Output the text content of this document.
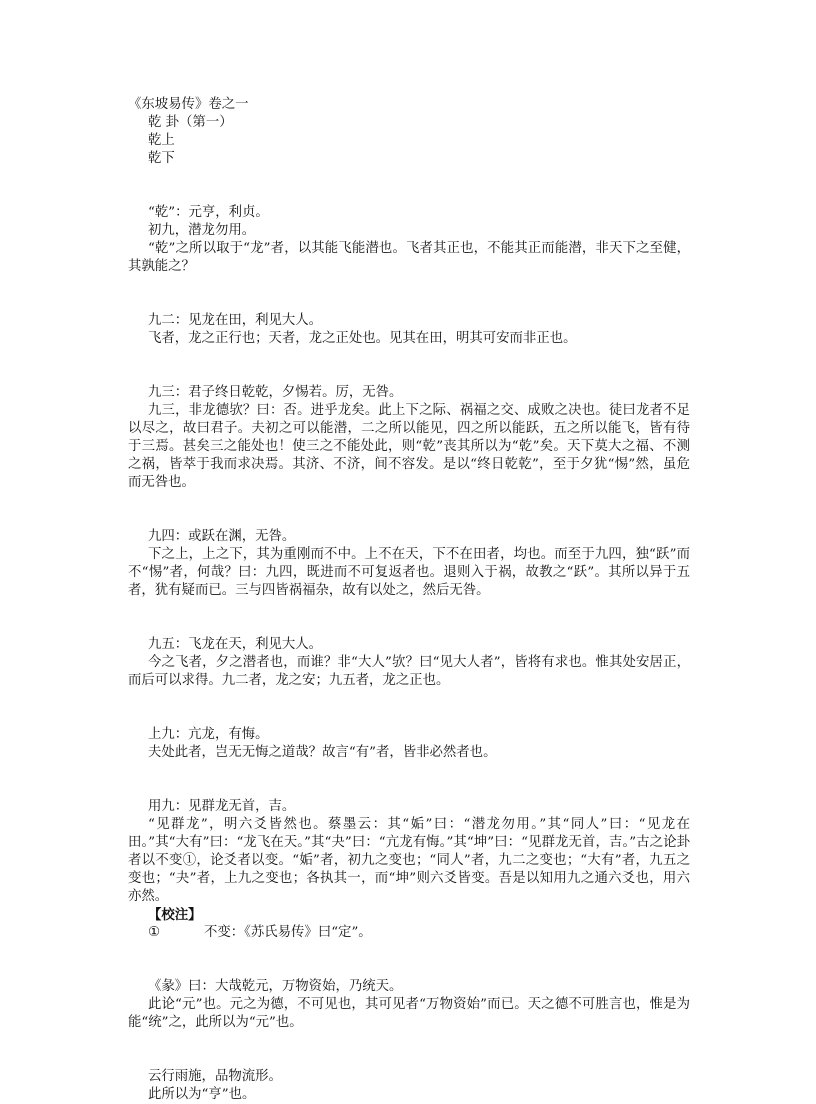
《东坡易传》卷之一
乾 卦（第一）
乾上
乾下
“乾”：元亨，利贞。
初九，潜龙勿用。
“乾”之所以取于“龙”者，以其能飞能潜也。飞者其正也，不能其正而能潜，非天下之至健，其孰能之？
九二：见龙在田，利见大人。
飞者，龙之正行也；天者，龙之正处也。见其在田，明其可安而非正也。
九三：君子终日乾乾，夕惕若。厉，无咎。
九三，非龙德欤？曰：否。进乎龙矣。此上下之际、祸福之交、成败之决也。徒曰龙者不足以尽之，故曰君子。夫初之可以能潜，二之所以能见，四之所以能跃，五之所以能飞，皆有待于三焉。甚矣三之能处也！使三之不能处此，则“乾”丧其所以为“乾”矣。天下莫大之福、不测之祸，皆萃于我而求决焉。其济、不济，间不容发。是以“终日乾乾”，至于夕犹“惕”然，虽危而无咎也。
九四：或跃在渊，无咎。
下之上，上之下，其为重刚而不中。上不在天，下不在田者，均也。而至于九四，独“跃”而不“惕”者，何哉？曰：九四，既进而不可复返者也。退则入于祸，故教之“跃”。其所以异于五者，犹有疑而已。三与四皆祸福杂，故有以处之，然后无咎。
九五：飞龙在天，利见大人。
今之飞者，夕之潜者也，而谁？非“大人”欤？曰“见大人者”，皆将有求也。惟其处安居正，而后可以求得。九二者，龙之安；九五者，龙之正也。
上九：亢龙，有悔。
夫处此者，岂无无悔之道哉？故言“有”者，皆非必然者也。
用九：见群龙无首，吉。
“见群龙”，明六爻皆然也。蔡墨云：其“姤”曰：“潜龙勿用。”其“同人”曰：“见龙在田。”其“大有”曰：“龙飞在天。”其“夬”曰：“亢龙有悔。”其“坤”曰：“见群龙无首，吉。”古之论卦者以不变①，论爻者以变。“姤”者，初九之变也；“同人”者，九二之变也；“大有”者，九五之变也；“夬”者，上九之变也；各执其一，而“坤”则六爻皆变。吾是以知用九之通六爻也，用六亦然。
【校注】
①	不变：《苏氏易传》曰“定”。
《彖》曰：大哉乾元，万物资始，乃统天。
此论“元”也。元之为德，不可见也，其可见者“万物资始”而已。天之德不可胜言也，惟是为能“统”之，此所以为“元”也。
云行雨施，品物流形。
此所以为“亨”也。
